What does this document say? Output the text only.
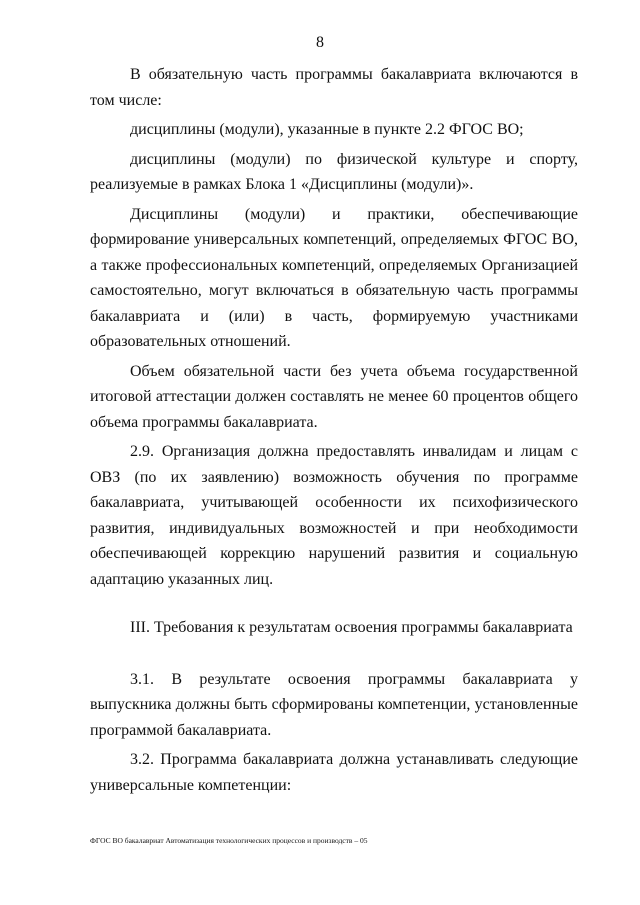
8

В обязательную часть программы бакалавриата включаются в том числе:

дисциплины (модули), указанные в пункте 2.2 ФГОС ВО;

дисциплины (модули) по физической культуре и спорту, реализуемые в рамках Блока 1 «Дисциплины (модули)».

Дисциплины (модули) и практики, обеспечивающие формирование универсальных компетенций, определяемых ФГОС ВО, а также профессиональных компетенций, определяемых Организацией самостоятельно, могут включаться в обязательную часть программы бакалавриата и (или) в часть, формируемую участниками образовательных отношений.

Объем обязательной части без учета объема государственной итоговой аттестации должен составлять не менее 60 процентов общего объема программы бакалавриата.

2.9. Организация должна предоставлять инвалидам и лицам с ОВЗ (по их заявлению) возможность обучения по программе бакалавриата, учитывающей особенности их психофизического развития, индивидуальных возможностей и при необходимости обеспечивающей коррекцию нарушений развития и социальную адаптацию указанных лиц.

III. Требования к результатам освоения программы бакалавриата

3.1. В результате освоения программы бакалавриата у выпускника должны быть сформированы компетенции, установленные программой бакалавриата.

3.2. Программа бакалавриата должна устанавливать следующие универсальные компетенции:

ФГОС ВО бакалавриат Автоматизация технологических процессов и производств – 05
